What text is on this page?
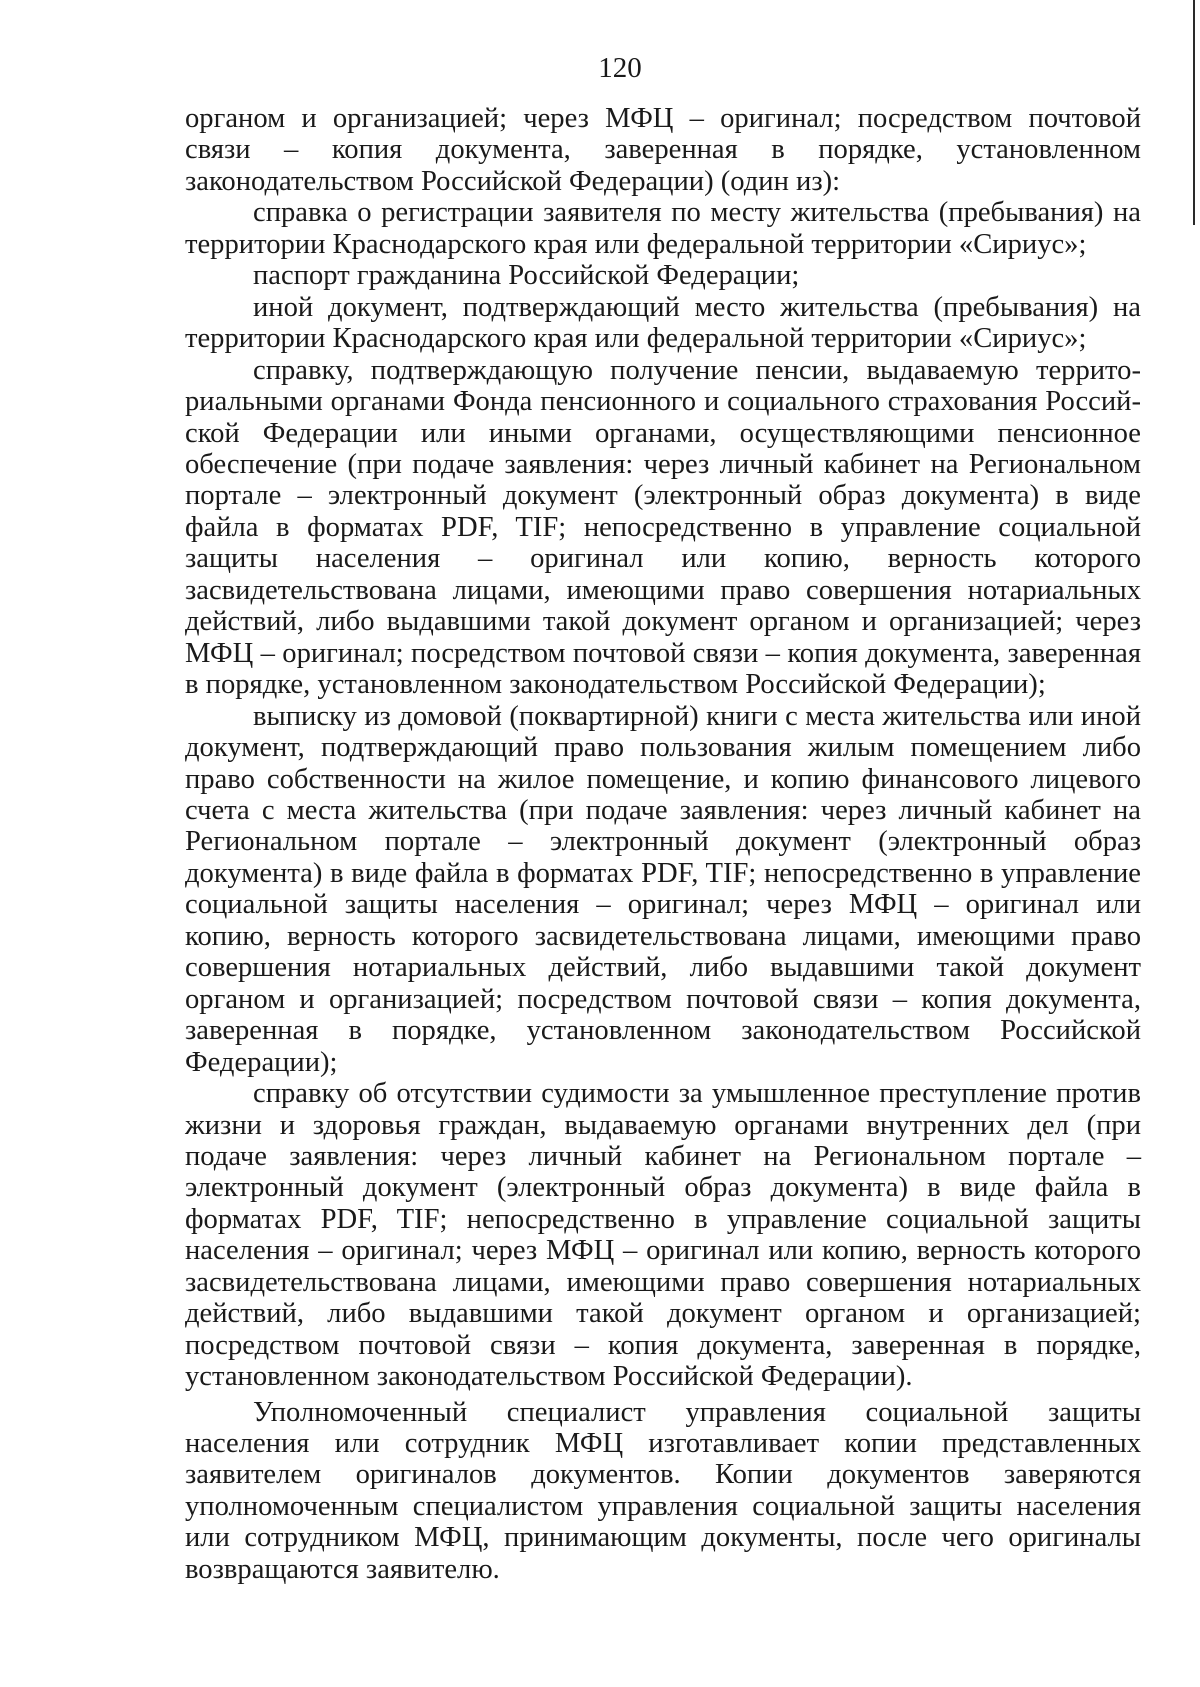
120

органом и организацией; через МФЦ – оригинал; посредством почтовой связи – копия документа, заверенная в порядке, установленном законодательством Российской Федерации) (один из):

справка о регистрации заявителя по месту жительства (пребывания) на территории Краснодарского края или федеральной территории «Сириус»;

паспорт гражданина Российской Федерации;

иной документ, подтверждающий место жительства (пребывания) на территории Краснодарского края или федеральной территории «Сириус»;

справку, подтверждающую получение пенсии, выдаваемую территориальными органами Фонда пенсионного и социального страхования Российской Федерации или иными органами, осуществляющими пенсионное обеспечение (при подаче заявления: через личный кабинет на Региональном портале – электронный документ (электронный образ документа) в виде файла в форматах PDF, TIF; непосредственно в управление социальной защиты населения – оригинал или копию, верность которого засвидетельствована лицами, имеющими право совершения нотариальных действий, либо выдавшими такой документ органом и организацией; через МФЦ – оригинал; посредством почтовой связи – копия документа, заверенная в порядке, установленном законодательством Российской Федерации);

выписку из домовой (поквартирной) книги с места жительства или иной документ, подтверждающий право пользования жилым помещением либо право собственности на жилое помещение, и копию финансового лицевого счета с места жительства (при подаче заявления: через личный кабинет на Региональном портале – электронный документ (электронный образ документа) в виде файла в форматах PDF, TIF; непосредственно в управление социальной защиты населения – оригинал; через МФЦ – оригинал или копию, верность которого засвидетельствована лицами, имеющими право совершения нотариальных действий, либо выдавшими такой документ органом и организацией; посредством почтовой связи – копия документа, заверенная в порядке, установленном законодательством Российской Федерации);

справку об отсутствии судимости за умышленное преступление против жизни и здоровья граждан, выдаваемую органами внутренних дел (при подаче заявления: через личный кабинет на Региональном портале – электронный документ (электронный образ документа) в виде файла в форматах PDF, TIF; непосредственно в управление социальной защиты населения – оригинал; через МФЦ – оригинал или копию, верность которого засвидетельствована лицами, имеющими право совершения нотариальных действий, либо выдавшими такой документ органом и организацией; посредством почтовой связи – копия документа, заверенная в порядке, установленном законодательством Российской Федерации).

Уполномоченный специалист управления социальной защиты населения или сотрудник МФЦ изготавливает копии представленных заявителем оригиналов документов. Копии документов заверяются уполномоченным специалистом управления социальной защиты населения или сотрудником МФЦ, принимающим документы, после чего оригиналы возвращаются заявителю.
